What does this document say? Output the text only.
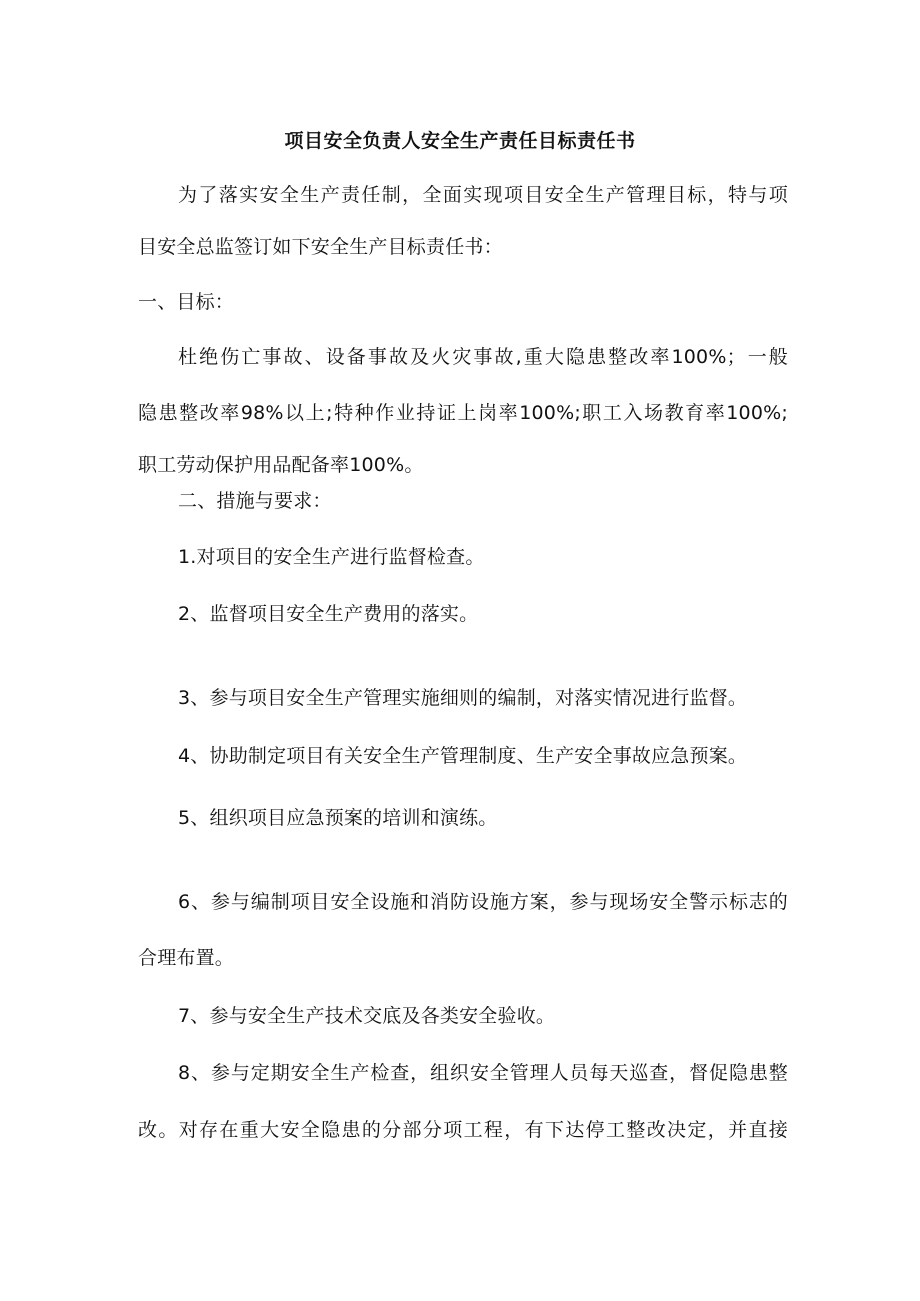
项目安全负责人安全生产责任目标责任书
为了落实安全生产责任制，全面实现项目安全生产管理目标，特与项
目安全总监签订如下安全生产目标责任书：
一、目标：
杜绝伤亡事故、设备事故及火灾事故,重大隐患整改率100%；一般
隐患整改率98%以上;特种作业持证上岗率100%;职工入场教育率100%;
职工劳动保护用品配备率100%。
二、措施与要求：
1.对项目的安全生产进行监督检查。
2、监督项目安全生产费用的落实。
3、参与项目安全生产管理实施细则的编制，对落实情况进行监督。
4、协助制定项目有关安全生产管理制度、生产安全事故应急预案。
5、组织项目应急预案的培训和演练。
6、参与编制项目安全设施和消防设施方案，参与现场安全警示标志的
合理布置。
7、参与安全生产技术交底及各类安全验收。
8、参与定期安全生产检查，组织安全管理人员每天巡查，督促隐患整
改。对存在重大安全隐患的分部分项工程，有下达停工整改决定，并直接
